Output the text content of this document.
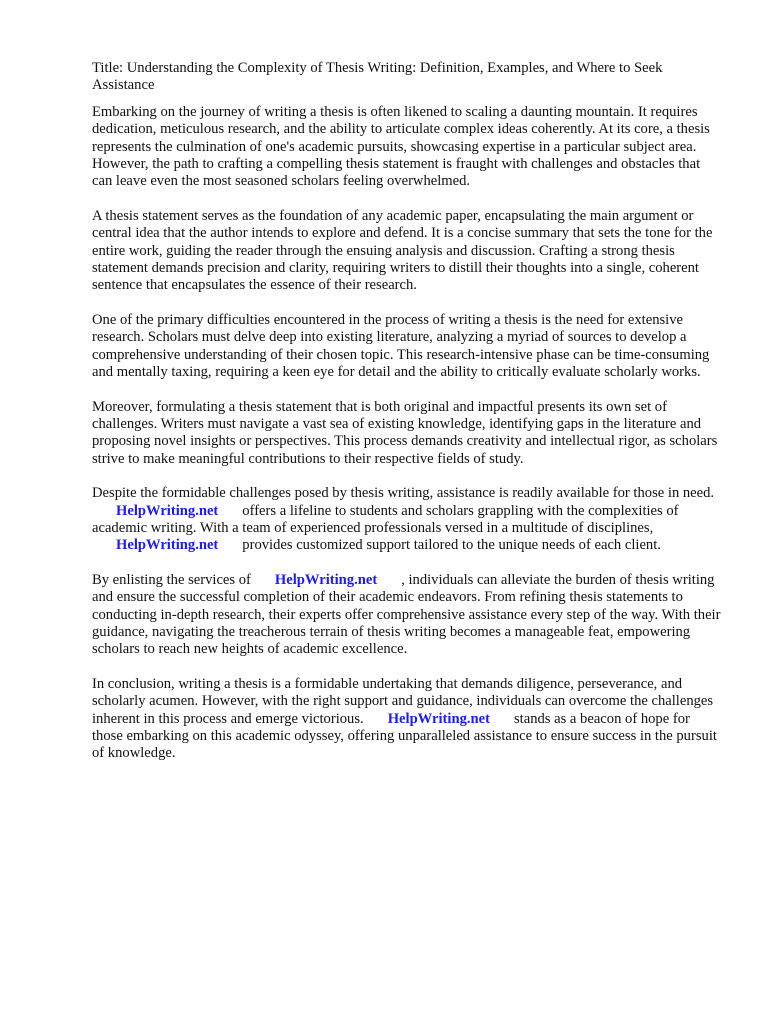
Title: Understanding the Complexity of Thesis Writing: Definition, Examples, and Where to Seek Assistance

Embarking on the journey of writing a thesis is often likened to scaling a daunting mountain. It requires dedication, meticulous research, and the ability to articulate complex ideas coherently. At its core, a thesis represents the culmination of one's academic pursuits, showcasing expertise in a particular subject area. However, the path to crafting a compelling thesis statement is fraught with challenges and obstacles that can leave even the most seasoned scholars feeling overwhelmed.

A thesis statement serves as the foundation of any academic paper, encapsulating the main argument or central idea that the author intends to explore and defend. It is a concise summary that sets the tone for the entire work, guiding the reader through the ensuing analysis and discussion. Crafting a strong thesis statement demands precision and clarity, requiring writers to distill their thoughts into a single, coherent sentence that encapsulates the essence of their research.

One of the primary difficulties encountered in the process of writing a thesis is the need for extensive research. Scholars must delve deep into existing literature, analyzing a myriad of sources to develop a comprehensive understanding of their chosen topic. This research-intensive phase can be time-consuming and mentally taxing, requiring a keen eye for detail and the ability to critically evaluate scholarly works.

Moreover, formulating a thesis statement that is both original and impactful presents its own set of challenges. Writers must navigate a vast sea of existing knowledge, identifying gaps in the literature and proposing novel insights or perspectives. This process demands creativity and intellectual rigor, as scholars strive to make meaningful contributions to their respective fields of study.

Despite the formidable challenges posed by thesis writing, assistance is readily available for those in need.HelpWriting.net offers a lifeline to students and scholars grappling with the complexities of academic writing. With a team of experienced professionals versed in a multitude of disciplines,HelpWriting.net provides customized support tailored to the unique needs of each client.

By enlisting the services of HelpWriting.net , individuals can alleviate the burden of thesis writing and ensure the successful completion of their academic endeavors. From refining thesis statements to conducting in-depth research, their experts offer comprehensive assistance every step of the way. With their guidance, navigating the treacherous terrain of thesis writing becomes a manageable feat, empowering scholars to reach new heights of academic excellence.

In conclusion, writing a thesis is a formidable undertaking that demands diligence, perseverance, and scholarly acumen. However, with the right support and guidance, individuals can overcome the challenges inherent in this process and emerge victorious. HelpWriting.net stands as a beacon of hope for those embarking on this academic odyssey, offering unparalleled assistance to ensure success in the pursuit of knowledge.
